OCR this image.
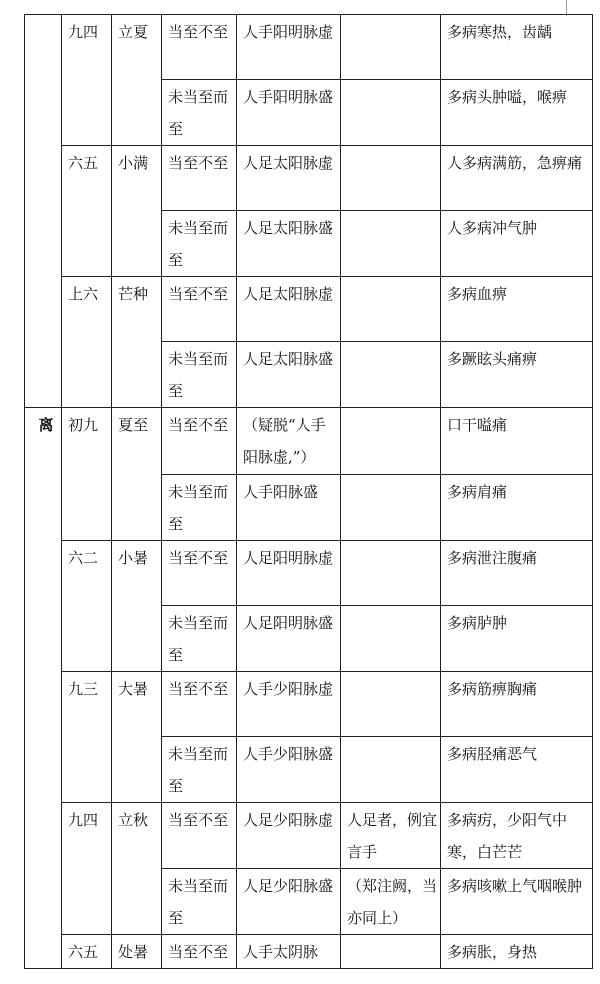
	九四	立夏	当至不至	人手阳明脉虚		多病寒热，齿龋
			未当至而至	人手阳明脉盛		多病头肿嗌，喉痹
	六五	小满	当至不至	人足太阳脉虚		人多病满筋，急痹痛
			未当至而至	人足太阳脉盛		人多病冲气肿
	上六	芒种	当至不至	人足太阳脉虚		多病血痹
			未当至而至	人足太阳脉盛		多蹶眩头痛痹
离	初九	夏至	当至不至	（疑脱“人手阳脉虚,”）		口干嗌痛
			未当至而至	人手阳脉盛		多病肩痛
	六二	小暑	当至不至	人足阳明脉虚		多病泄注腹痛
			未当至而至	人足阳明脉盛		多病胪肿
	九三	大暑	当至不至	人手少阳脉虚		多病筋痹胸痛
			未当至而至	人手少阳脉盛		多病胫痛恶气
	九四	立秋	当至不至	人足少阳脉虚	人足者，例宜言手	多病疠，少阳气中寒，白芒芒
			未当至而至	人足少阳脉盛	（郑注阙，当亦同上）	多病咳嗽上气咽喉肿
	六五	处暑	当至不至	人手太阴脉		多病胀，身热
